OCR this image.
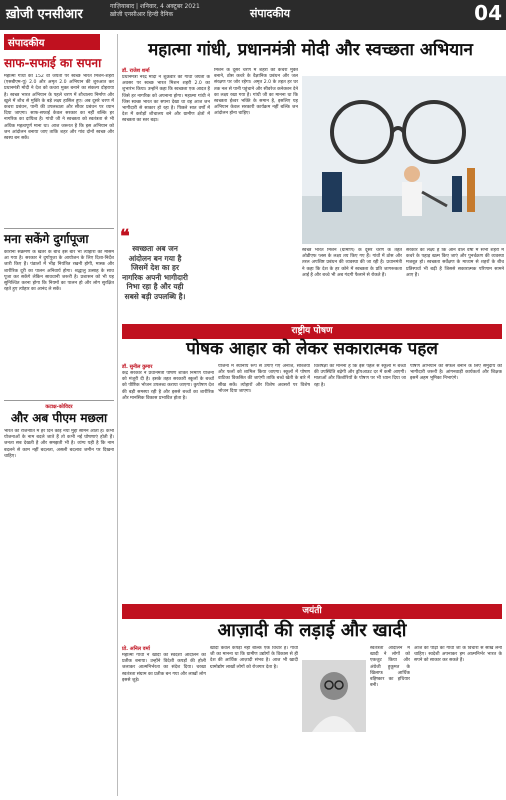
ख़ोजी एनसीआर
गाज़ियाबाद | शनिवार, 4 अक्टूबर 2021
ख़ोजी एनसीआर हिन्दी दैनिक	संपादकीय	04
संपादकीय
साफ-सफाई का सपना
महात्मा गांधी की 152 वीं जयंती पर स्वच्छ भारत मिशन-शहरी (एसबीएम-यू) 2.0 और अमृत 2.0 अभियान की शुरुआत कर प्रधानमंत्री मोदी ने देश को कचरा मुक्त बनाने का संकल्प दोहराया है। स्वच्छ भारत अभियान के पहले चरण में शौचालय निर्माण और खुले में शौच से मुक्ति के बड़े लक्ष्य हासिल हुए। अब दूसरे चरण में कचरा प्रबंधन, पानी की उपलब्धता और सीवर प्रबंधन पर ध्यान दिया जाएगा। साफ-सफाई केवल सरकार का नहीं बल्कि हर नागरिक का दायित्व है। गांधी जी ने स्वच्छता को स्वतंत्रता से भी अधिक महत्वपूर्ण माना था। आज जरूरत है कि इस अभियान को जन आंदोलन बनाया जाए ताकि शहर और गांव दोनों स्वच्छ और स्वस्थ बन सकें।
मना सकेंगे दुर्गापूजा
कोरोना संक्रमण के खतरे के बीच इस बार भी त्योहारों का मौसम आ गया है। सरकार ने दुर्गापूजा के आयोजन के लिए दिशा-निर्देश जारी किए हैं। पंडालों में भीड़ नियंत्रित रखनी होगी, मास्क और शारीरिक दूरी का पालन अनिवार्य होगा। श्रद्धालु उत्साह के साथ पूजा कर सकेंगे लेकिन सावधानी जरूरी है। प्रशासन को भी यह सुनिश्चित करना होगा कि नियमों का पालन हो और लोग सुरक्षित रहते हुए त्योहार का आनंद ले सकें।
कटाक्ष-कोविदर
और अब पीएम मछला
भारत की राजनीति में हर दिन कोई नया मुद्दा सामने आता है। कभी योजनाओं के नाम बदले जाते हैं तो कभी नई घोषणाएं होती हैं। जनता सब देखती है और समझती भी है। व्यंग्य यही है कि नाम बदलने से काम नहीं बदलता, असली बदलाव जमीन पर दिखना चाहिए।
महात्मा गांधी, प्रधानमंत्री मोदी और स्वच्छता अभियान
डॉ. राजेश शर्मा
प्रधानमंत्री नरेंद्र मोदी ने शुक्रवार को गांधी जयंती के अवसर पर स्वच्छ भारत मिशन शहरी 2.0 का शुभारंभ किया। उन्होंने कहा कि स्वच्छता एक आदत है जिसे हर नागरिक को अपनाना होगा। महात्मा गांधी ने जिस स्वच्छ भारत का सपना देखा था वह आज जन भागीदारी से साकार हो रहा है। पिछले सात वर्षों में देश में करोड़ों शौचालय बने और ग्रामीण क्षेत्रों में स्वच्छता का स्तर बढ़ा।
मिशन के दूसरे चरण में शहरों को कचरा मुक्त बनाने, ठोस कचरे के वैज्ञानिक प्रबंधन और जल संरक्षण पर जोर रहेगा। अमृत 2.0 के तहत हर घर तक नल से पानी पहुंचाने और सीवरेज कनेक्शन देने का लक्ष्य रखा गया है। गांधी जी का मानना था कि स्वच्छता ईश्वर भक्ति के समान है, इसलिए यह अभियान केवल सरकारी कार्यक्रम नहीं बल्कि जन आंदोलन होना चाहिए।
❝
स्वच्छता अब जन आंदोलन बन गया है जिसमें देश का हर नागरिक अपनी भागीदारी निभा रहा है और यही सबसे बड़ी उपलब्धि है।
स्वच्छ भारत मिशन (ग्रामीण) के दूसरे चरण के तहत ओडीएफ प्लस के लक्ष्य तय किए गए हैं। गांवों में ठोस और तरल अपशिष्ट प्रबंधन की व्यवस्था की जा रही है। प्रधानमंत्री ने कहा कि देश के हर कोने में स्वच्छता के प्रति जागरूकता आई है और बच्चे भी अब गंदगी फैलाने से रोकते हैं।
सरकार का लक्ष्य है कि आने वाले वर्षों में सभी शहरों में कचरे के पहाड़ खत्म किए जाएं और पुनर्चक्रण की व्यवस्था मजबूत हो। स्वच्छता सर्वेक्षण के माध्यम से शहरों के बीच प्रतिस्पर्धा भी बढ़ी है जिससे सकारात्मक परिणाम सामने आए हैं।
राष्ट्रीय पोषण
पोषक आहार को लेकर सकारात्मक पहल
डॉ. सुनील कुमार
केंद्र सरकार ने प्रधानमंत्री पोषण शक्ति निर्माण योजना को मंजूरी दी है। इसके तहत सरकारी स्कूलों के बच्चों को पौष्टिक भोजन उपलब्ध कराया जाएगा। कुपोषण देश की बड़ी समस्या रही है और इससे बच्चों का शारीरिक और मानसिक विकास प्रभावित होता है।
योजना में स्थानीय रूप से उगाए गए अनाज, सब्जियों और फलों को शामिल किया जाएगा। स्कूलों में पोषण वाटिका विकसित की जाएंगी ताकि बच्चे खेती के बारे में सीख सकें। त्योहारों और विशेष अवसरों पर विशेष भोजन दिया जाएगा।
विशेषज्ञों का मानना है कि इस पहल से स्कूलों में बच्चों की उपस्थिति बढ़ेगी और ड्रॉपआउट दर में कमी आएगी। माताओं और किशोरियों के पोषण पर भी ध्यान दिया जा रहा है।
पोषण अभियान को सफल बनाने के लिए समुदाय की भागीदारी जरूरी है। आंगनवाड़ी कार्यकर्ता और शिक्षक इसमें अहम भूमिका निभाएंगे।
जयंती
आज़ादी की लड़ाई और खादी
प्रो. अनिल वर्मा
महात्मा गांधी ने खादी को स्वदेशी आंदोलन का प्रतीक बनाया। उन्होंने विदेशी कपड़ों की होली जलाकर आत्मनिर्भरता का संदेश दिया। चरखा स्वतंत्रता संग्राम का प्रतीक बन गया और लाखों लोग इससे जुड़े।
खादी केवल कपड़ा नहीं बल्कि एक विचार है। गांधी जी का मानना था कि ग्रामीण उद्योगों के विकास से ही देश की आर्थिक आज़ादी संभव है। आज भी खादी ग्रामोद्योग लाखों लोगों को रोजगार देता है।
स्वतंत्रता आंदोलन में खादी ने लोगों को एकजुट किया और अंग्रेजी हुकूमत के खिलाफ आर्थिक बहिष्कार का हथियार बनी।
आज की पीढ़ी को गांधी जी के विचारों से सीख लेनी चाहिए। स्वदेशी अपनाकर हम आत्मनिर्भर भारत के सपने को साकार कर सकते हैं।
